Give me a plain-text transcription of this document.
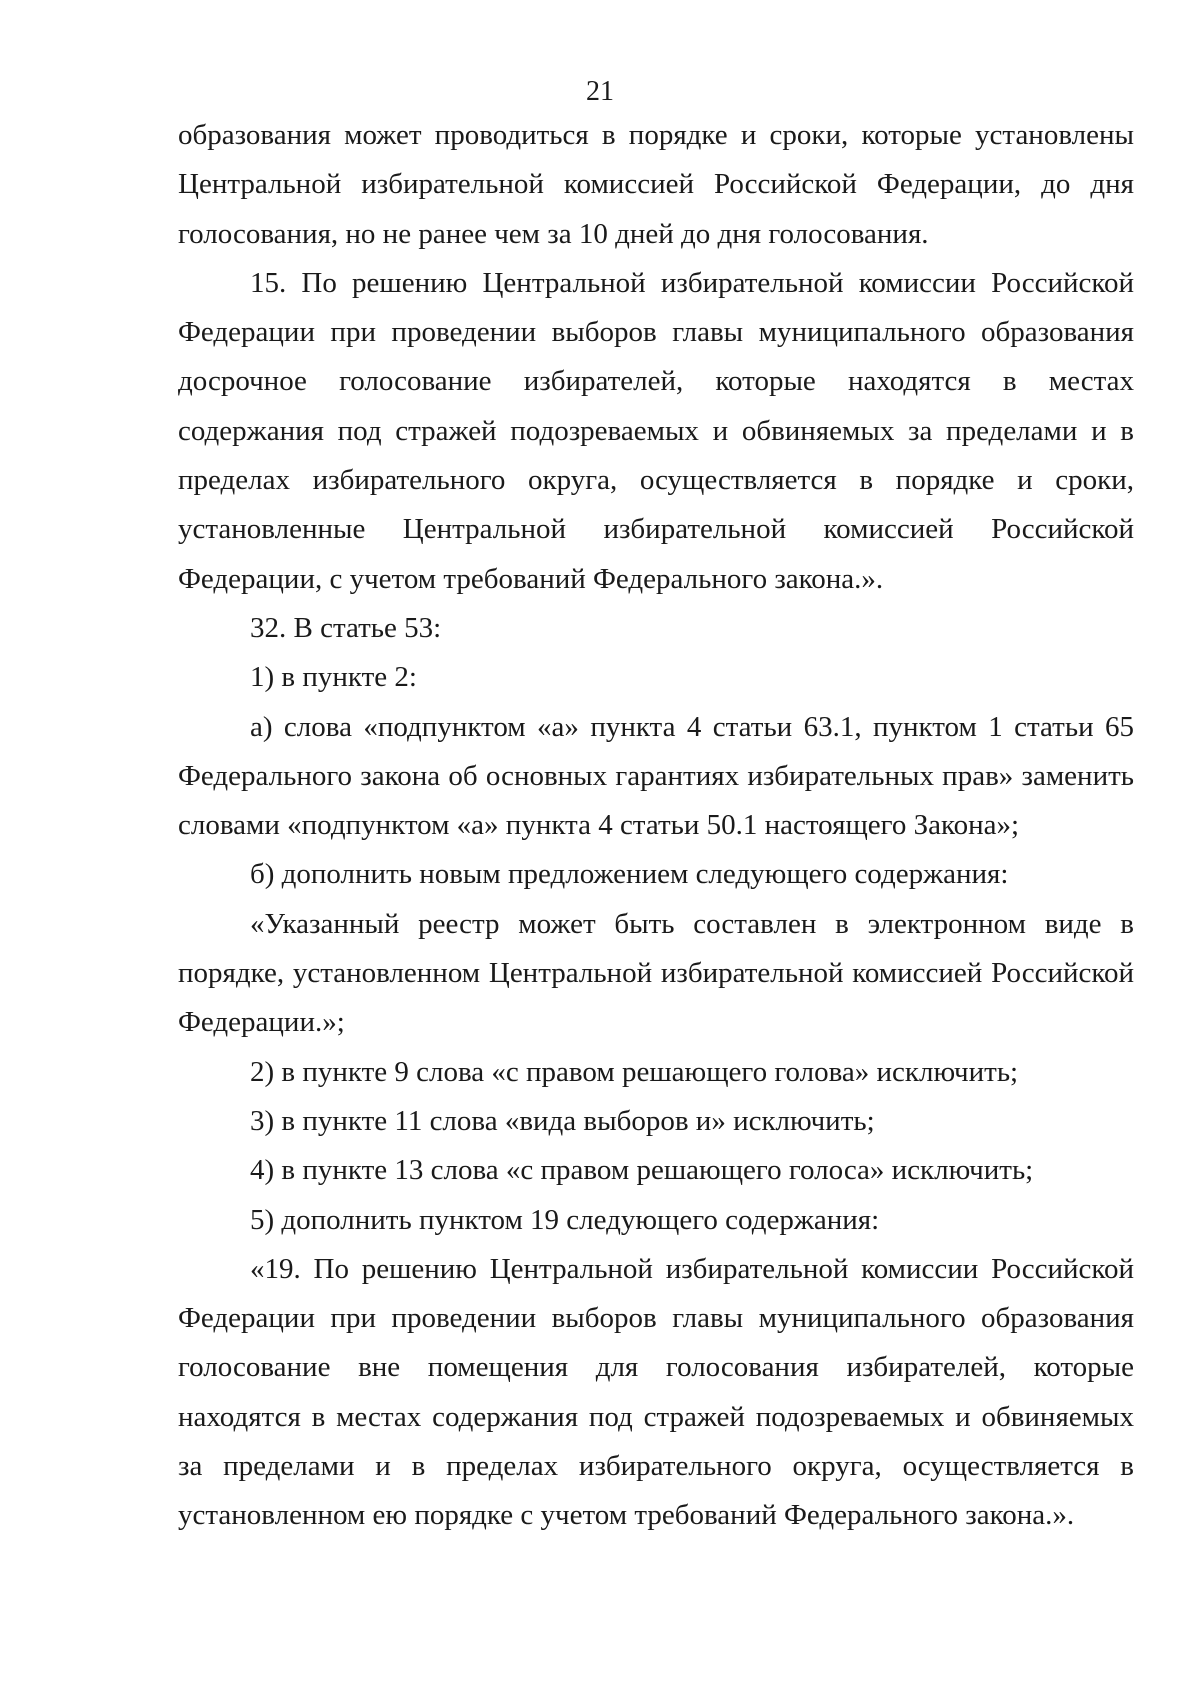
21

образования может проводиться в порядке и сроки, которые установлены Центральной избирательной комиссией Российской Федерации, до дня голосования, но не ранее чем за 10 дней до дня голосования.

15. По решению Центральной избирательной комиссии Российской Федерации при проведении выборов главы муниципального образования досрочное голосование избирателей, которые находятся в местах содержания под стражей подозреваемых и обвиняемых за пределами и в пределах избирательного округа, осуществляется в порядке и сроки, установленные Центральной избирательной комиссией Российской Федерации, с учетом требований Федерального закона.».

32. В статье 53:

1) в пункте 2:

а) слова «подпунктом «а» пункта 4 статьи 63.1, пунктом 1 статьи 65 Федерального закона об основных гарантиях избирательных прав» заменить словами «подпунктом «а» пункта 4 статьи 50.1 настоящего Закона»;

б) дополнить новым предложением следующего содержания:

«Указанный реестр может быть составлен в электронном виде в порядке, установленном Центральной избирательной комиссией Российской Федерации.»;

2) в пункте 9 слова «с правом решающего голова» исключить;

3) в пункте 11 слова «вида выборов и» исключить;

4) в пункте 13 слова «с правом решающего голоса» исключить;

5) дополнить пунктом 19 следующего содержания:

«19. По решению Центральной избирательной комиссии Российской Федерации при проведении выборов главы муниципального образования голосование вне помещения для голосования избирателей, которые находятся в местах содержания под стражей подозреваемых и обвиняемых за пределами и в пределах избирательного округа, осуществляется в установленном ею порядке с учетом требований Федерального закона.».
